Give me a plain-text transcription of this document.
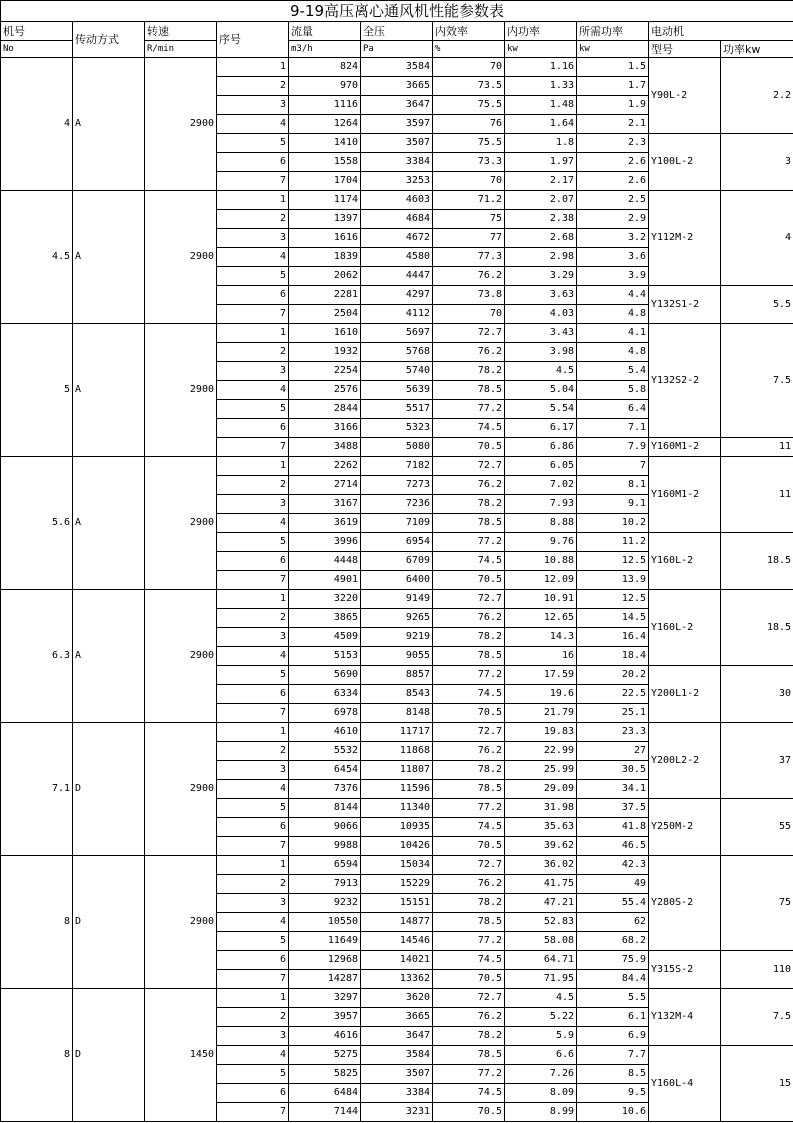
9-19高压离心通风机性能参数表										
机号	传动方式	转速	序号	流量	全压	内效率	内功率	所需功率	电动机	
No		R/min		m3/h	Pa	%	kw	kw	型号	功率kw
4	A	2900	1	824	3584	70	1.16	1.5	Y90L-2	2.2
			2	970	3665	73.5	1.33	1.7		
			3	1116	3647	75.5	1.48	1.9		
			4	1264	3597	76	1.64	2.1		
			5	1410	3507	75.5	1.8	2.3	Y100L-2	3
			6	1558	3384	73.3	1.97	2.6		
			7	1704	3253	70	2.17	2.6		
4.5	A	2900	1	1174	4603	71.2	2.07	2.5	Y112M-2	4
			2	1397	4684	75	2.38	2.9		
			3	1616	4672	77	2.68	3.2		
			4	1839	4580	77.3	2.98	3.6		
			5	2062	4447	76.2	3.29	3.9		
			6	2281	4297	73.8	3.63	4.4	Y132S1-2	5.5
			7	2504	4112	70	4.03	4.8		
5	A	2900	1	1610	5697	72.7	3.43	4.1	Y132S2-2	7.5
			2	1932	5768	76.2	3.98	4.8		
			3	2254	5740	78.2	4.5	5.4		
			4	2576	5639	78.5	5.04	5.8		
			5	2844	5517	77.2	5.54	6.4		
			6	3166	5323	74.5	6.17	7.1		
			7	3488	5080	70.5	6.86	7.9	Y160M1-2	11
5.6	A	2900	1	2262	7182	72.7	6.05	7	Y160M1-2	11
			2	2714	7273	76.2	7.02	8.1		
			3	3167	7236	78.2	7.93	9.1		
			4	3619	7109	78.5	8.88	10.2		
			5	3996	6954	77.2	9.76	11.2	Y160L-2	18.5
			6	4448	6709	74.5	10.88	12.5		
			7	4901	6400	70.5	12.09	13.9		
6.3	A	2900	1	3220	9149	72.7	10.91	12.5	Y160L-2	18.5
			2	3865	9265	76.2	12.65	14.5		
			3	4509	9219	78.2	14.3	16.4		
			4	5153	9055	78.5	16	18.4		
			5	5690	8857	77.2	17.59	20.2	Y200L1-2	30
			6	6334	8543	74.5	19.6	22.5		
			7	6978	8148	70.5	21.79	25.1		
7.1	D	2900	1	4610	11717	72.7	19.83	23.3	Y200L2-2	37
			2	5532	11868	76.2	22.99	27		
			3	6454	11807	78.2	25.99	30.5		
			4	7376	11596	78.5	29.09	34.1		
			5	8144	11340	77.2	31.98	37.5	Y250M-2	55
			6	9066	10935	74.5	35.63	41.8		
			7	9988	10426	70.5	39.62	46.5		
8	D	2900	1	6594	15034	72.7	36.02	42.3	Y280S-2	75
			2	7913	15229	76.2	41.75	49		
			3	9232	15151	78.2	47.21	55.4		
			4	10550	14877	78.5	52.83	62		
			5	11649	14546	77.2	58.08	68.2		
			6	12968	14021	74.5	64.71	75.9	Y315S-2	110
			7	14287	13362	70.5	71.95	84.4		
8	D	1450	1	3297	3620	72.7	4.5	5.5	Y132M-4	7.5
			2	3957	3665	76.2	5.22	6.1		
			3	4616	3647	78.2	5.9	6.9		
			4	5275	3584	78.5	6.6	7.7	Y160L-4	15
			5	5825	3507	77.2	7.26	8.5		
			6	6484	3384	74.5	8.09	9.5		
			7	7144	3231	70.5	8.99	10.6		
